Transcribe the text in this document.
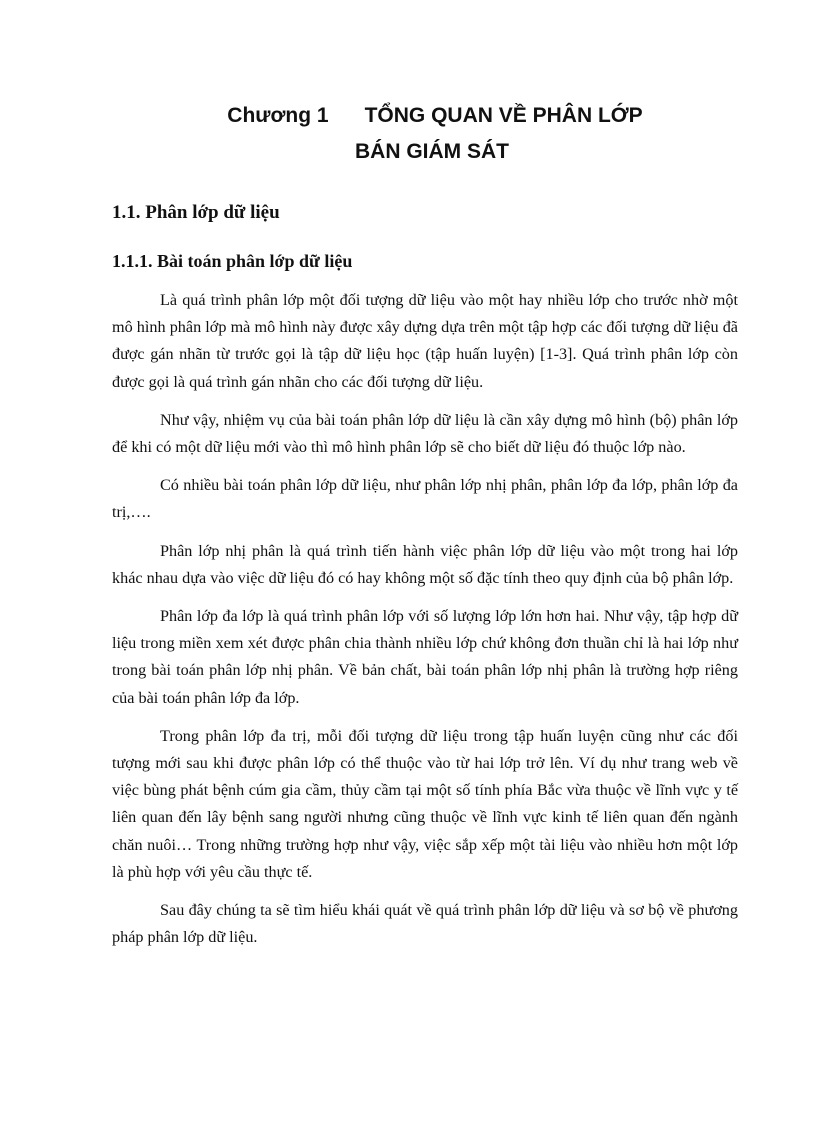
Chương 1 TỔNG QUAN VỀ PHÂN LỚP
BÁN GIÁM SÁT
1.1. Phân lớp dữ liệu
1.1.1. Bài toán phân lớp dữ liệu

Là quá trình phân lớp một đối tượng dữ liệu vào một hay nhiều lớp cho trước nhờ một mô hình phân lớp mà mô hình này được xây dựng dựa trên một tập hợp các đối tượng dữ liệu đã được gán nhãn từ trước gọi là tập dữ liệu học (tập huấn luyện) [1-3]. Quá trình phân lớp còn được gọi là quá trình gán nhãn cho các đối tượng dữ liệu.

Như vậy, nhiệm vụ của bài toán phân lớp dữ liệu là cần xây dựng mô hình (bộ) phân lớp để khi có một dữ liệu mới vào thì mô hình phân lớp sẽ cho biết dữ liệu đó thuộc lớp nào.

Có nhiều bài toán phân lớp dữ liệu, như phân lớp nhị phân, phân lớp đa lớp, phân lớp đa trị,….

Phân lớp nhị phân là quá trình tiến hành việc phân lớp dữ liệu vào một trong hai lớp khác nhau dựa vào việc dữ liệu đó có hay không một số đặc tính theo quy định của bộ phân lớp.

Phân lớp đa lớp là quá trình phân lớp với số lượng lớp lớn hơn hai. Như vậy, tập hợp dữ liệu trong miền xem xét được phân chia thành nhiều lớp chứ không đơn thuần chỉ là hai lớp như trong bài toán phân lớp nhị phân. Về bản chất, bài toán phân lớp nhị phân là trường hợp riêng của bài toán phân lớp đa lớp.

Trong phân lớp đa trị, mỗi đối tượng dữ liệu trong tập huấn luyện cũng như các đối tượng mới sau khi được phân lớp có thể thuộc vào từ hai lớp trở lên. Ví dụ như trang web về việc bùng phát bệnh cúm gia cầm, thủy cầm tại một số tính phía Bắc vừa thuộc về lĩnh vực y tế liên quan đến lây bệnh sang người nhưng cũng thuộc về lĩnh vực kinh tế liên quan đến ngành chăn nuôi… Trong những trường hợp như vậy, việc sắp xếp một tài liệu vào nhiều hơn một lớp là phù hợp với yêu cầu thực tế.

Sau đây chúng ta sẽ tìm hiểu khái quát về quá trình phân lớp dữ liệu và sơ bộ về phương pháp phân lớp dữ liệu.
